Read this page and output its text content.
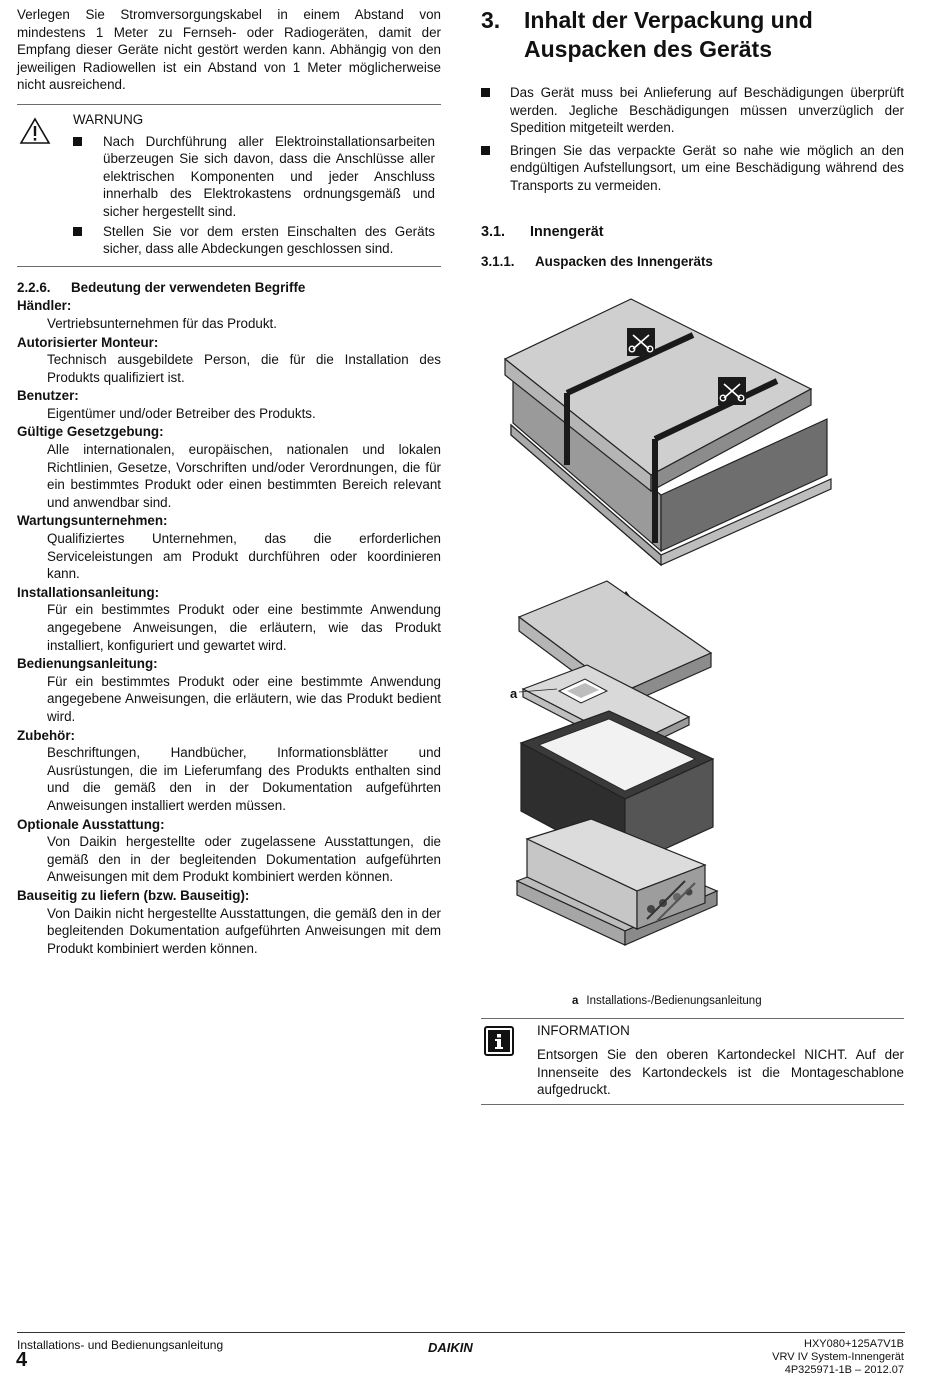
Verlegen Sie Stromversorgungskabel in einem Abstand von mindestens 1 Meter zu Fernseh- oder Radiogeräten, damit der Empfang dieser Geräte nicht gestört werden kann. Abhängig von den jeweiligen Radiowellen ist ein Abstand von 1 Meter möglicherweise nicht ausreichend.

WARNUNG
Nach Durchführung aller Elektroinstallationsarbeiten überzeugen Sie sich davon, dass die Anschlüsse aller elektrischen Komponenten und jeder Anschluss innerhalb des Elektrokastens ordnungsgemäß und sicher hergestellt sind.
Stellen Sie vor dem ersten Einschalten des Geräts sicher, dass alle Abdeckungen geschlossen sind.
2.2.6. Bedeutung der verwendeten Begriffe
Händler:
Vertriebsunternehmen für das Produkt.
Autorisierter Monteur:
Technisch ausgebildete Person, die für die Installation des Produkts qualifiziert ist.
Benutzer:
Eigentümer und/oder Betreiber des Produkts.
Gültige Gesetzgebung:
Alle internationalen, europäischen, nationalen und lokalen Richtlinien, Gesetze, Vorschriften und/oder Verordnungen, die für ein bestimmtes Produkt oder einen bestimmten Bereich relevant und anwendbar sind.
Wartungsunternehmen:
Qualifiziertes Unternehmen, das die erforderlichen Serviceleistungen am Produkt durchführen oder koordinieren kann.
Installationsanleitung:
Für ein bestimmtes Produkt oder eine bestimmte Anwendung angegebene Anweisungen, die erläutern, wie das Produkt installiert, konfiguriert und gewartet wird.
Bedienungsanleitung:
Für ein bestimmtes Produkt oder eine bestimmte Anwendung angegebene Anweisungen, die erläutern, wie das Produkt bedient wird.
Zubehör:
Beschriftungen, Handbücher, Informationsblätter und Ausrüstungen, die im Lieferumfang des Produkts enthalten sind und die gemäß den in der Dokumentation aufgeführten Anweisungen installiert werden müssen.
Optionale Ausstattung:
Von Daikin hergestellte oder zugelassene Ausstattungen, die gemäß den in der begleitenden Dokumentation aufgeführten Anweisungen mit dem Produkt kombiniert werden können.
Bauseitig zu liefern (bzw. Bauseitig):
Von Daikin nicht hergestellte Ausstattungen, die gemäß den in der begleitenden Dokumentation aufgeführten Anweisungen mit dem Produkt kombiniert werden können.
3. Inhalt der Verpackung und Auspacken des Geräts
Das Gerät muss bei Anlieferung auf Beschädigungen überprüft werden. Jegliche Beschädigungen müssen unverzüglich der Spedition mitgeteilt werden.
Bringen Sie das verpackte Gerät so nahe wie möglich an den endgültigen Aufstellungsort, um eine Beschädigung während des Transports zu vermeiden.
3.1. Innengerät
3.1.1. Auspacken des Innengeräts
a
a Installations-/Bedienungsanleitung
INFORMATION
Entsorgen Sie den oberen Kartondeckel NICHT. Auf der Innenseite des Kartondeckels ist die Montageschablone aufgedruckt.
Installations- und Bedienungsanleitung
4
DAIKIN	HXY080+125A7V1B
VRV IV System-Innengerät
4P325971-1B – 2012.07
